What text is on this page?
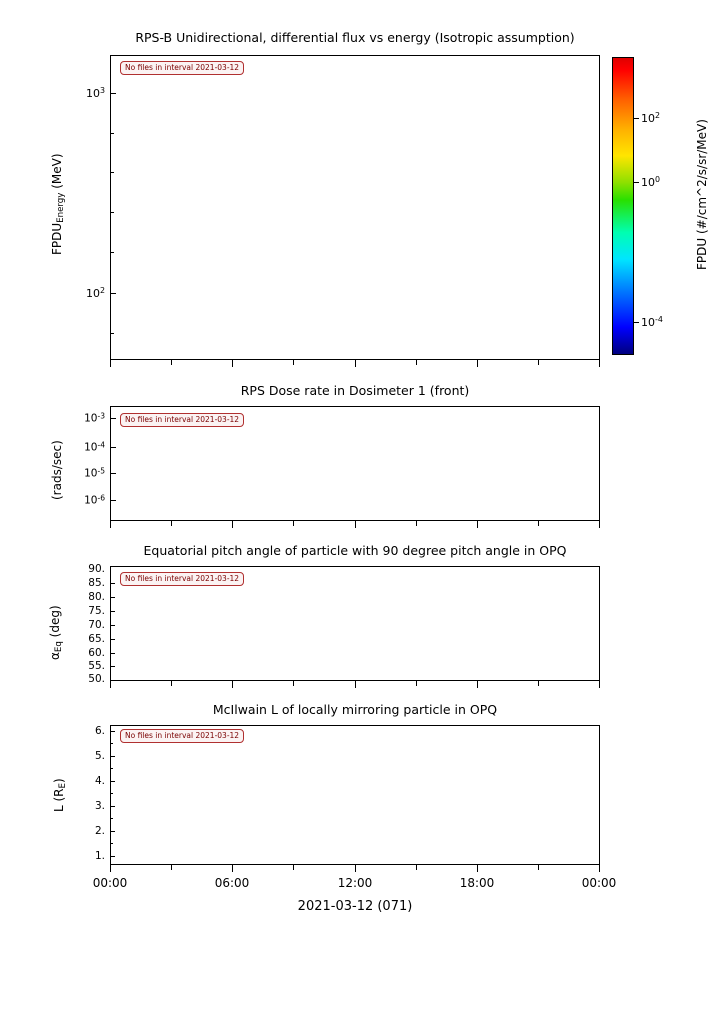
RPS-B Unidirectional, differential flux vs energy (Isotropic assumption)
No files in interval 2021-03-12
$10^3$
$10^2$
$FPDU_{Energy}$ (MeV)
$10^2$
$10^0$
$10^{-4}$
FPDU (#/cm^2/s/sr/MeV)
RPS Dose rate in Dosimeter 1 (front)
No files in interval 2021-03-12
$10^{-3}$
$10^{-4}$
$10^{-5}$
$10^{-6}$
(rads/sec)
Equatorial pitch angle of particle with 90 degree pitch angle in OPQ
No files in interval 2021-03-12
90.
85.
80.
75.
70.
65.
60.
55.
50.
$\alpha_{Eq}$ (deg)
McIlwain L of locally mirroring particle in OPQ
No files in interval 2021-03-12
6.
5.
4.
3.
2.
1.
L $(R_E)$
00:00	06:00	12:00	18:00	00:00
2021-03-12 (071)
